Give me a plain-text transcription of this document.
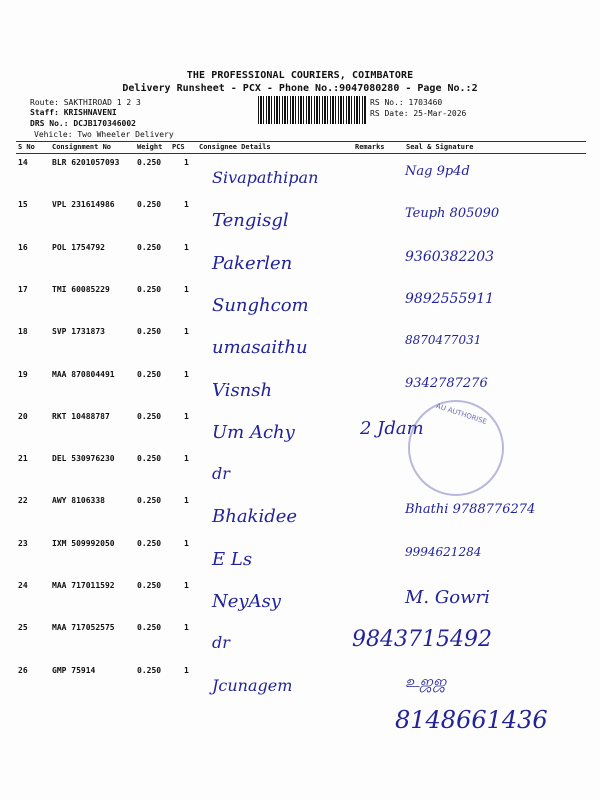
THE PROFESSIONAL COURIERS, COIMBATORE
Delivery Runsheet - PCX - Phone No.:9047080280 - Page No.:2
Route: SAKTHIROAD 1 2 3
Staff: KRISHNAVENI
DRS No.: DCJB170346002
Vehicle: Two Wheeler Delivery
RS No.: 1703460
RS Date: 25-Mar-2026
S No Consignment No	Weight PCS Consignee Details	Remarks	Seal & Signature
14	BLR 6201057093 0.250	1
Sivapathipan	Nag 9p4d
15	VPL 231614986	0.250	1
Tengisgl	Teuph 805090
16	POL 1754792	0.250	1
Pakerlen	9360382203
17	TMI 60085229	0.250	1
Sunghcom	9892555911
18	SVP 1731873	0.250	1
umasaithu	8870477031
19	MAA 870804491	0.250	1
Visnsh	9342787276
20	RKT 10488787	0.250	1
Um Achy	2 Jdam
21	DEL 530976230	0.250	1
dr
22	AWY 8106338	0.250	1
Bhakidee	Bhathi 9788776274
23	IXM 509992050	0.250	1
E Ls	9994621284
24	MAA 717011592	0.250	1
NeyAsy	M. Gowri
25	MAA 717052575	0.250	1
dr	9843715492
26	GMP 75914	0.250	1
Jcunagem	உஜஜ
AU AUTHORISE
8148661436
